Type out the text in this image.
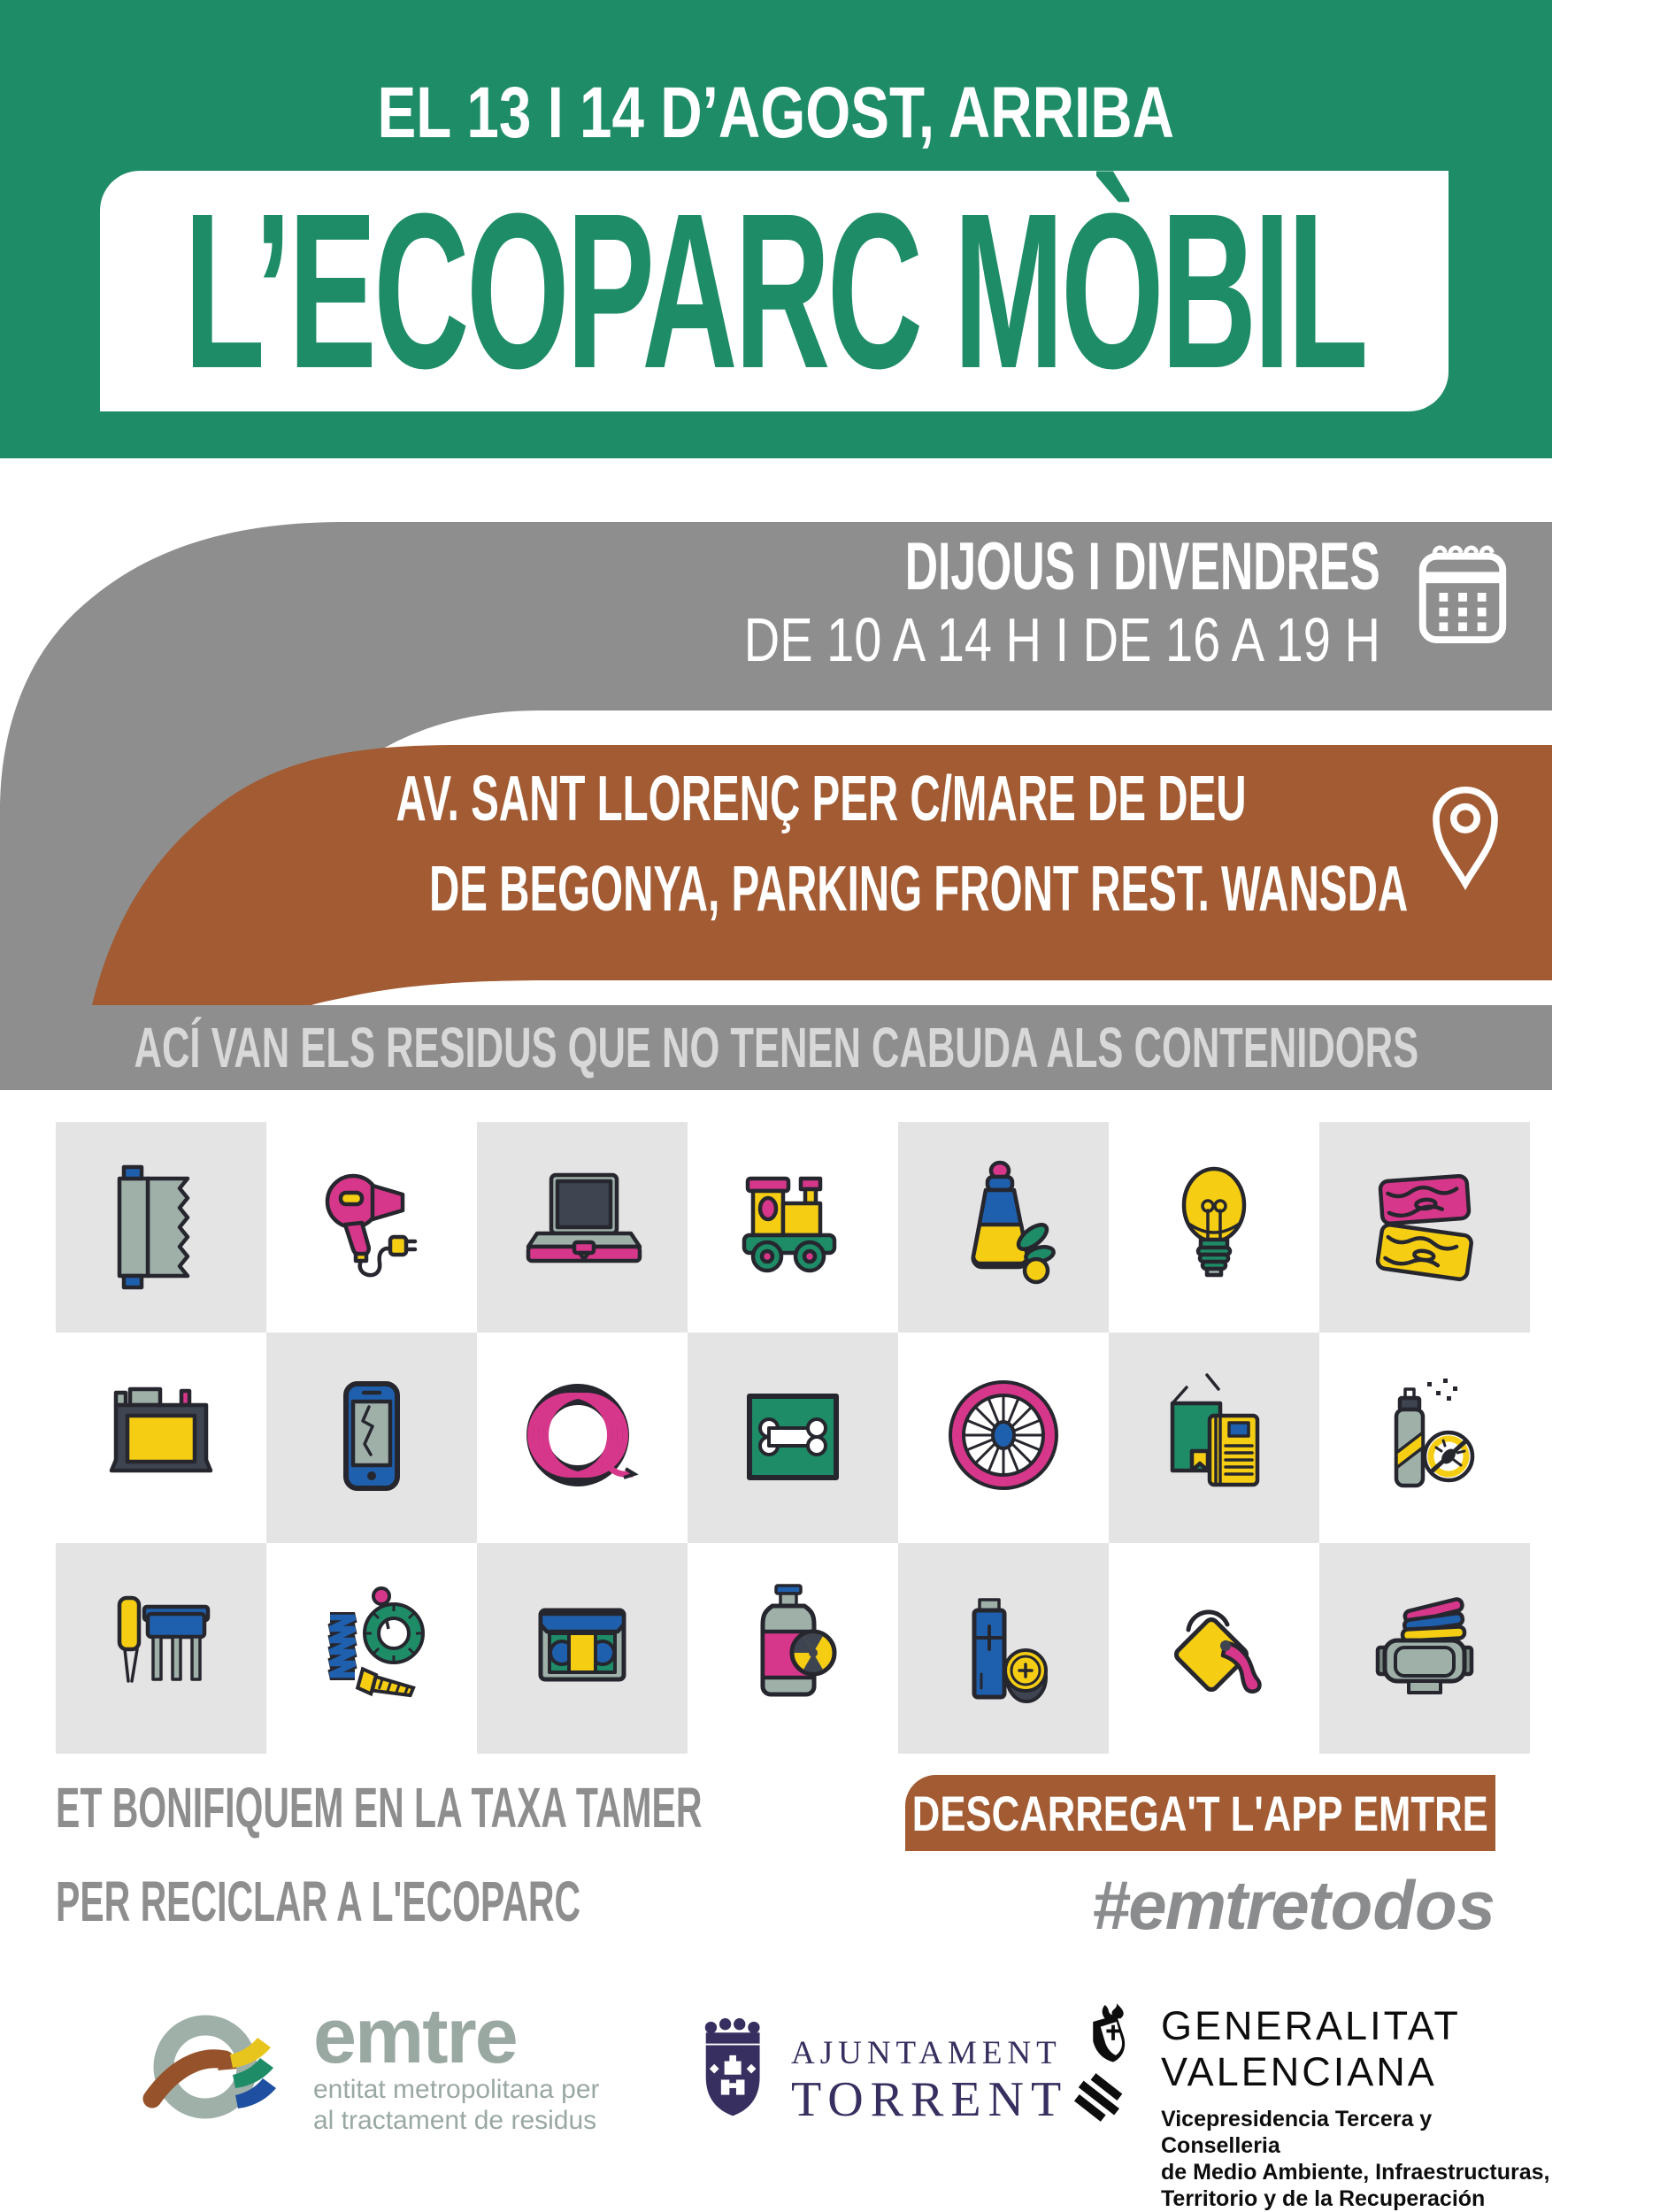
EL 13 I 14 D’AGOST, ARRIBA
L’ECOPARC MÒBIL
DIJOUS I DIVENDRES DE 10 A 14 H I DE 16 A 19 H
AV. SANT LLORENÇ PER C/MARE DE DEU
DE BEGONYA, PARKING FRONT REST. WANSDA
ACÍ VAN ELS RESIDUS QUE NO TENEN CABUDA ALS CONTENIDORS
ET BONIFIQUEM EN LA TAXA TAMER
PER RECICLAR A L'ECOPARC
DESCARREGA'T L'APP EMTRE
#emtretodos
emtre
entitat metropolitana per
al tractament de residus
AJUNTAMENT
TORRENT
GENERALITAT
VALENCIANA
Vicepresidencia Tercera y Conselleria
de Medio Ambiente, Infraestructuras,
Territorio y de la Recuperación
